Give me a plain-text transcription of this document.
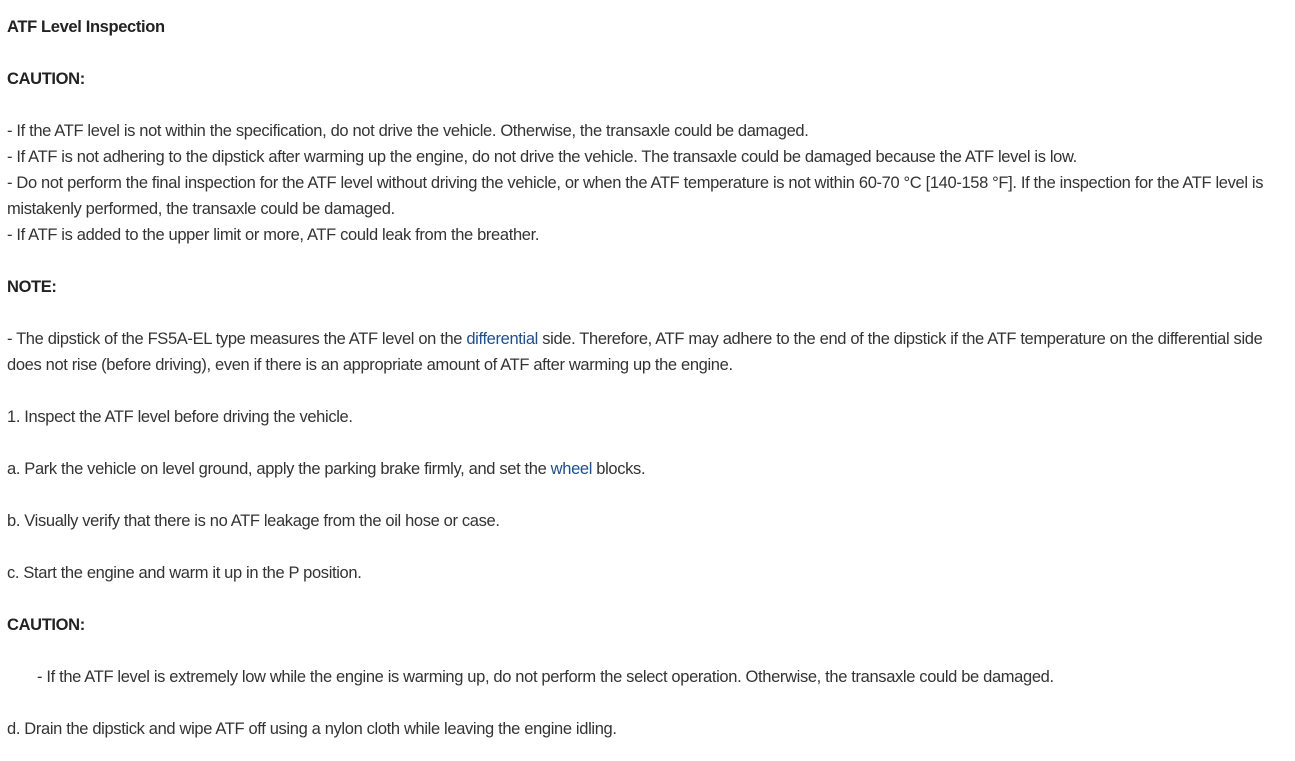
ATF Level Inspection

CAUTION:

- If the ATF level is not within the specification, do not drive the vehicle. Otherwise, the transaxle could be damaged.

- If ATF is not adhering to the dipstick after warming up the engine, do not drive the vehicle. The transaxle could be damaged because the ATF level is low.

- Do not perform the final inspection for the ATF level without driving the vehicle, or when the ATF temperature is not within 60-70 °C [140-158 °F]. If the inspection for the ATF level is mistakenly performed, the transaxle could be damaged.

- If ATF is added to the upper limit or more, ATF could leak from the breather.

NOTE:

- The dipstick of the FS5A-EL type measures the ATF level on the differential side. Therefore, ATF may adhere to the end of the dipstick if the ATF temperature on the differential side does not rise (before driving), even if there is an appropriate amount of ATF after warming up the engine.

1. Inspect the ATF level before driving the vehicle.

a. Park the vehicle on level ground, apply the parking brake firmly, and set the wheel blocks.

b. Visually verify that there is no ATF leakage from the oil hose or case.

c. Start the engine and warm it up in the P position.

CAUTION:

- If the ATF level is extremely low while the engine is warming up, do not perform the select operation. Otherwise, the transaxle could be damaged.

d. Drain the dipstick and wipe ATF off using a nylon cloth while leaving the engine idling.
